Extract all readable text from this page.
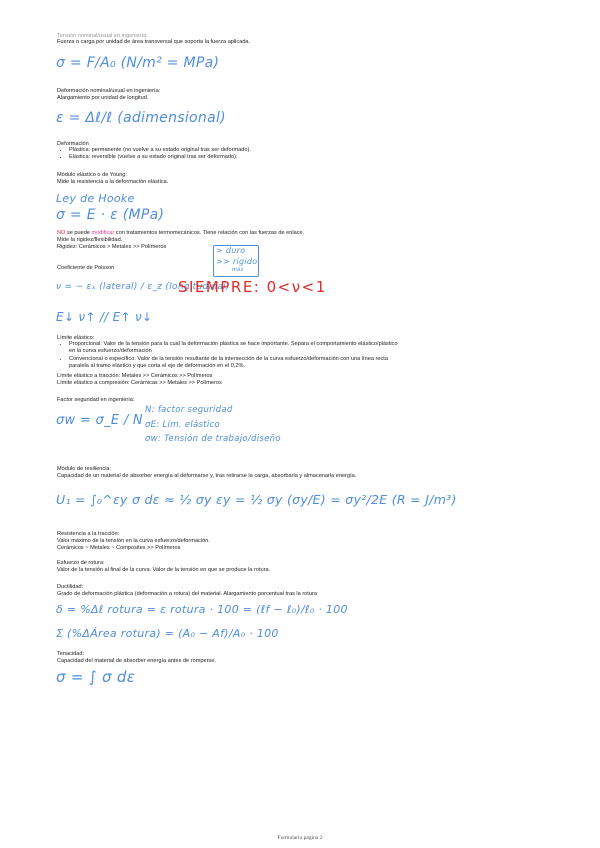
Tensión nominal/usual en ingeniería:
Fuerza o carga por unidad de área transversal que soporta la fuerza aplicada.
σ = F/A₀ (N/m² = MPa)
Deformación nominal/usual en ingeniería:
Alargamiento por unidad de longitud.
ε = Δℓ/ℓ (adimensional)
Deformación
• Plástica: permanente (no vuelve a su estado original tras ser deformado).
• Elástica: reversible (vuelve a su estado original tras ser deformado).
Módulo elástico o de Young:
Mide la resistencia a la deformación elástica.
Ley de Hooke
σ = E · ε (MPa)
NO se puede modificar con tratamientos termomecánicos. Tiene relación con las fuerzas de enlace.
Mide la rigidez/flexibilidad.
Rigidez: Cerámicos > Metales >> Polímeros	> duro
>> rígido
más
Coeficiente de Poisson
ν = − εₓ (lateral) / ε_z (longitudinal)
SIEMPRE: 0<ν<1
E↓ ν↑ // E↑ ν↓
Límite elástico:
• Proporcional: Valor de la tensión para la cual la deformación plástica se hace importante. Separa el comportamiento elástico/plástico en la curva esfuerzo/deformación
• Convencional o específico: Valor de la tensión resultante de la intersección de la curva esfuerzo/deformación con una línea recta paralela al tramo elástico y que corta el eje de deformación en el 0,2%.
Límite elástico a tracción: Metales >> Cerámicos >> Polímeros
Límite elástico a compresión: Cerámicas >> Metales >> Polímeros
Factor seguridad en ingeniería:
σw = σ_E / N
N: factor seguridad
σE: Lím. elástico
σw: Tensión de trabajo/diseño
Módulo de resiliencia:
Capacidad de un material de absorber energía al deformarse y, tras retirarse la carga, absorbarla y almacenarla energía.
U₁ = ∫₀^εy σ dε ≈ ½ σy εy = ½ σy (σy/E) = σy²/2E (R = J/m³)
Resistencia a la tracción:
Valor máximo de la tensión en la curva esfuerzo/deformación.
Cerámicos ~ Metales ~ Composites >> Polímeros
Esfuerzo de rotura:
Valor de la tensión al final de la curva. Valor de la tensión en que se produce la rotura.
Ductilidad:
Grado de deformación plástica (deformación a rotura) del material. Alargamiento porcentual tras la rotura
δ = %Δℓ rotura = ε rotura · 100 = (ℓf − ℓ₀)/ℓ₀ · 100
Σ (%ΔÁrea rotura) = (A₀ − Af)/A₀ · 100
Tenacidad:
Capacidad del material de absorber energía antes de romperse.
σ = ∫ σ dε
Formulario página 2
